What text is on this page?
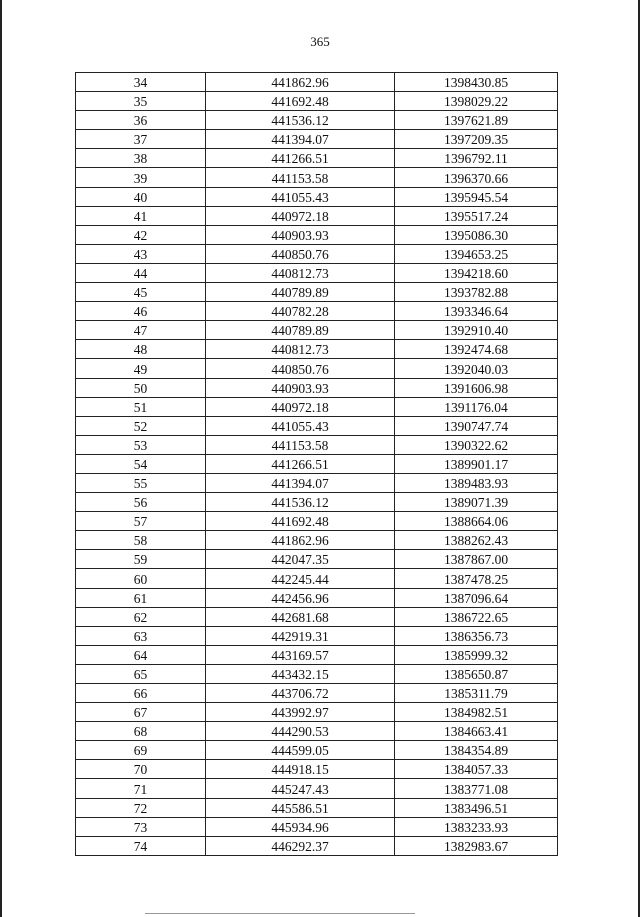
365
34	441862.96	1398430.85
35	441692.48	1398029.22
36	441536.12	1397621.89
37	441394.07	1397209.35
38	441266.51	1396792.11
39	441153.58	1396370.66
40	441055.43	1395945.54
41	440972.18	1395517.24
42	440903.93	1395086.30
43	440850.76	1394653.25
44	440812.73	1394218.60
45	440789.89	1393782.88
46	440782.28	1393346.64
47	440789.89	1392910.40
48	440812.73	1392474.68
49	440850.76	1392040.03
50	440903.93	1391606.98
51	440972.18	1391176.04
52	441055.43	1390747.74
53	441153.58	1390322.62
54	441266.51	1389901.17
55	441394.07	1389483.93
56	441536.12	1389071.39
57	441692.48	1388664.06
58	441862.96	1388262.43
59	442047.35	1387867.00
60	442245.44	1387478.25
61	442456.96	1387096.64
62	442681.68	1386722.65
63	442919.31	1386356.73
64	443169.57	1385999.32
65	443432.15	1385650.87
66	443706.72	1385311.79
67	443992.97	1384982.51
68	444290.53	1384663.41
69	444599.05	1384354.89
70	444918.15	1384057.33
71	445247.43	1383771.08
72	445586.51	1383496.51
73	445934.96	1383233.93
74	446292.37	1382983.67
